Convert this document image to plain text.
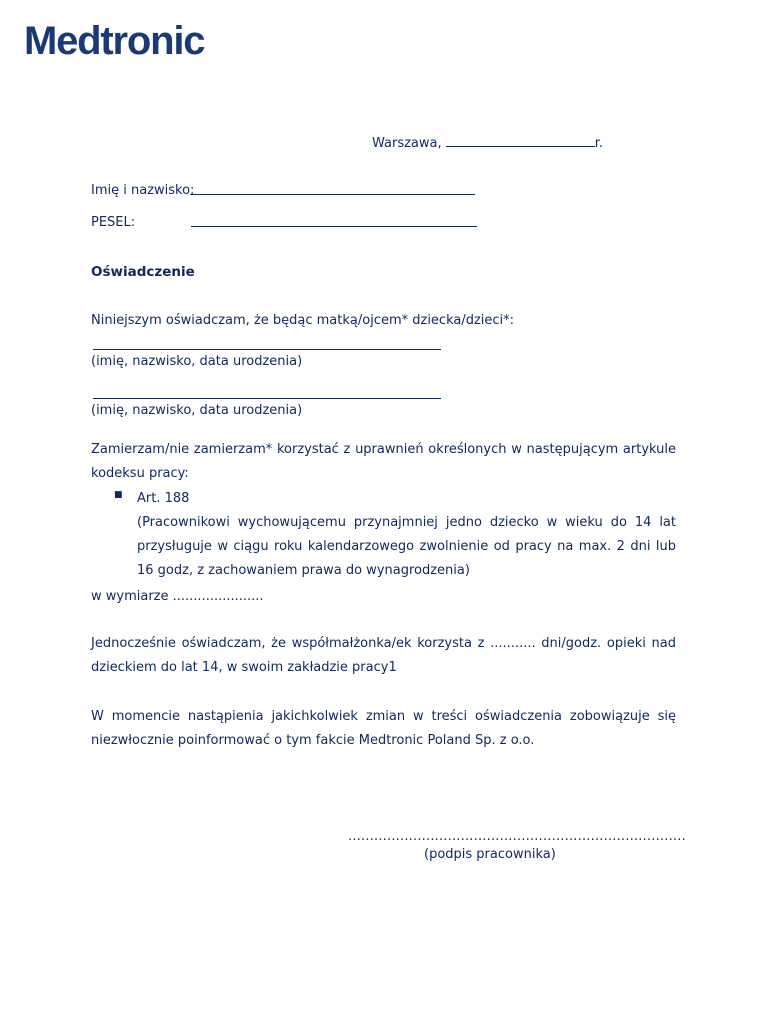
Medtronic
Warszawa,	r.
Imię i nazwisko:
PESEL:
Oświadczenie
Niniejszym oświadczam, że będąc matką/ojcem* dziecka/dzieci*:
(imię, nazwisko, data urodzenia)
(imię, nazwisko, data urodzenia)
Zamierzam/nie zamierzam* korzystać z uprawnień określonych w następującym artykule kodeksu pracy:
■ Art. 188
(Pracownikowi wychowującemu przynajmniej jedno dziecko w wieku do 14 lat przysługuje w ciągu roku kalendarzowego zwolnienie od pracy na max. 2 dni lub 16 godz, z zachowaniem prawa do wynagrodzenia)
w wymiarze ......................
Jednocześnie oświadczam, że współmałżonka/ek korzysta z ........... dni/godz. opieki nad dzieckiem do lat 14, w swoim zakładzie pracy1
W momencie nastąpienia jakichkolwiek zmian w treści oświadczenia zobowiązuje się niezwłocznie poinformować o tym fakcie Medtronic Poland Sp. z o.o.
..............................................................................
(podpis pracownika)
